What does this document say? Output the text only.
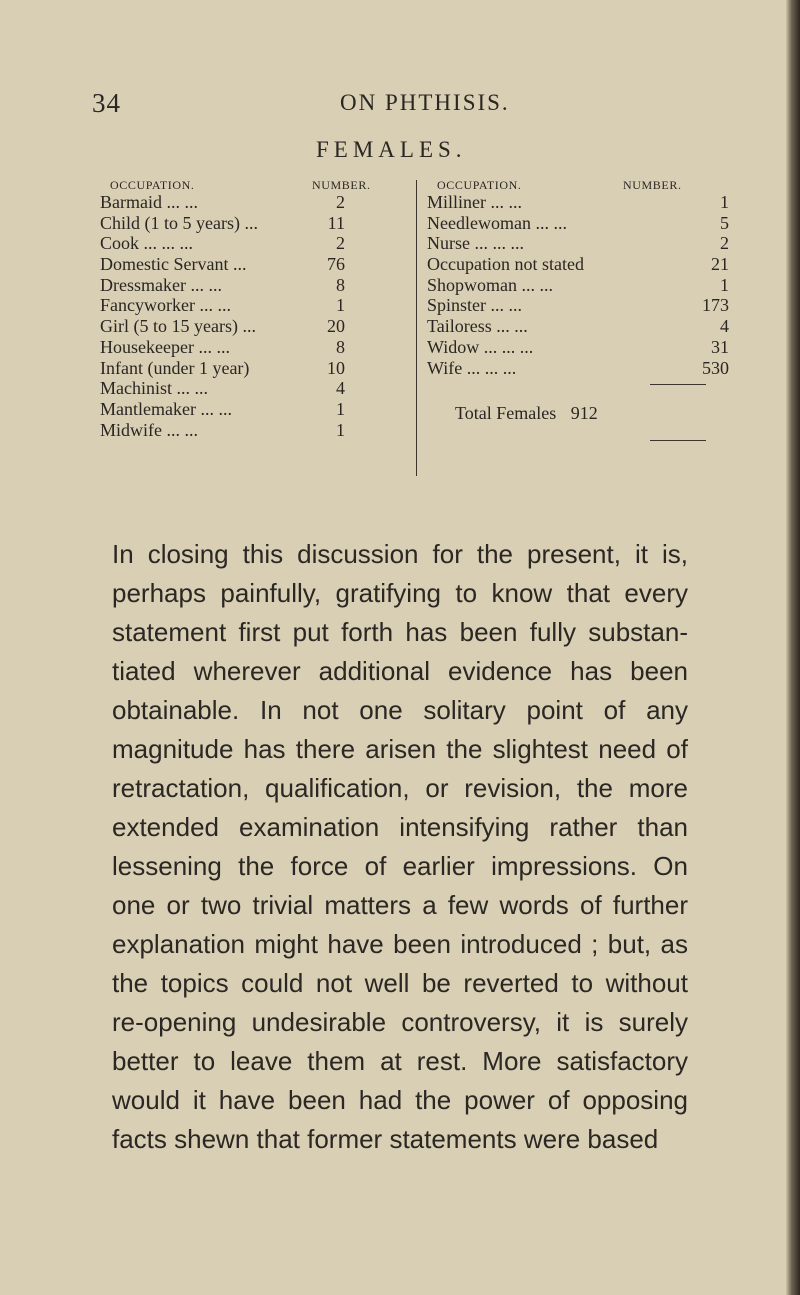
34	ON PHTHISIS.
FEMALES.
OCCUPATION.	NUMBER.
Barmaid ... ...	2
Child (1 to 5 years) ...	11
Cook ... ... ...	2
Domestic Servant ...	76
Dressmaker ... ...	8
Fancyworker ... ...	1
Girl (5 to 15 years) ...	20
Housekeeper ... ...	8
Infant (under 1 year)	10
Machinist ... ...	4
Mantlemaker ... ...	1
Midwife ... ...	1
OCCUPATION.	NUMBER.
Milliner ... ...	1
Needlewoman ... ...	5
Nurse ... ... ...	2
Occupation not stated	21
Shopwoman ... ...	1
Spinster ... ...	173
Tailoress ... ...	4
Widow ... ... ...	31
Wife ... ... ...	530
Total Females 912
In closing this discussion for the present, it is,
perhaps painfully, gratifying to know that every
statement first put forth has been fully substan-
tiated wherever additional evidence has been
obtainable. In not one solitary point of any
magnitude has there arisen the slightest need of
retractation, qualification, or revision, the more
extended examination intensifying rather than
lessening the force of earlier impressions. On
one or two trivial matters a few words of further
explanation might have been introduced ; but, as
the topics could not well be reverted to without
re-opening undesirable controversy, it is surely
better to leave them at rest. More satisfactory
would it have been had the power of opposing
facts shewn that former statements were based
